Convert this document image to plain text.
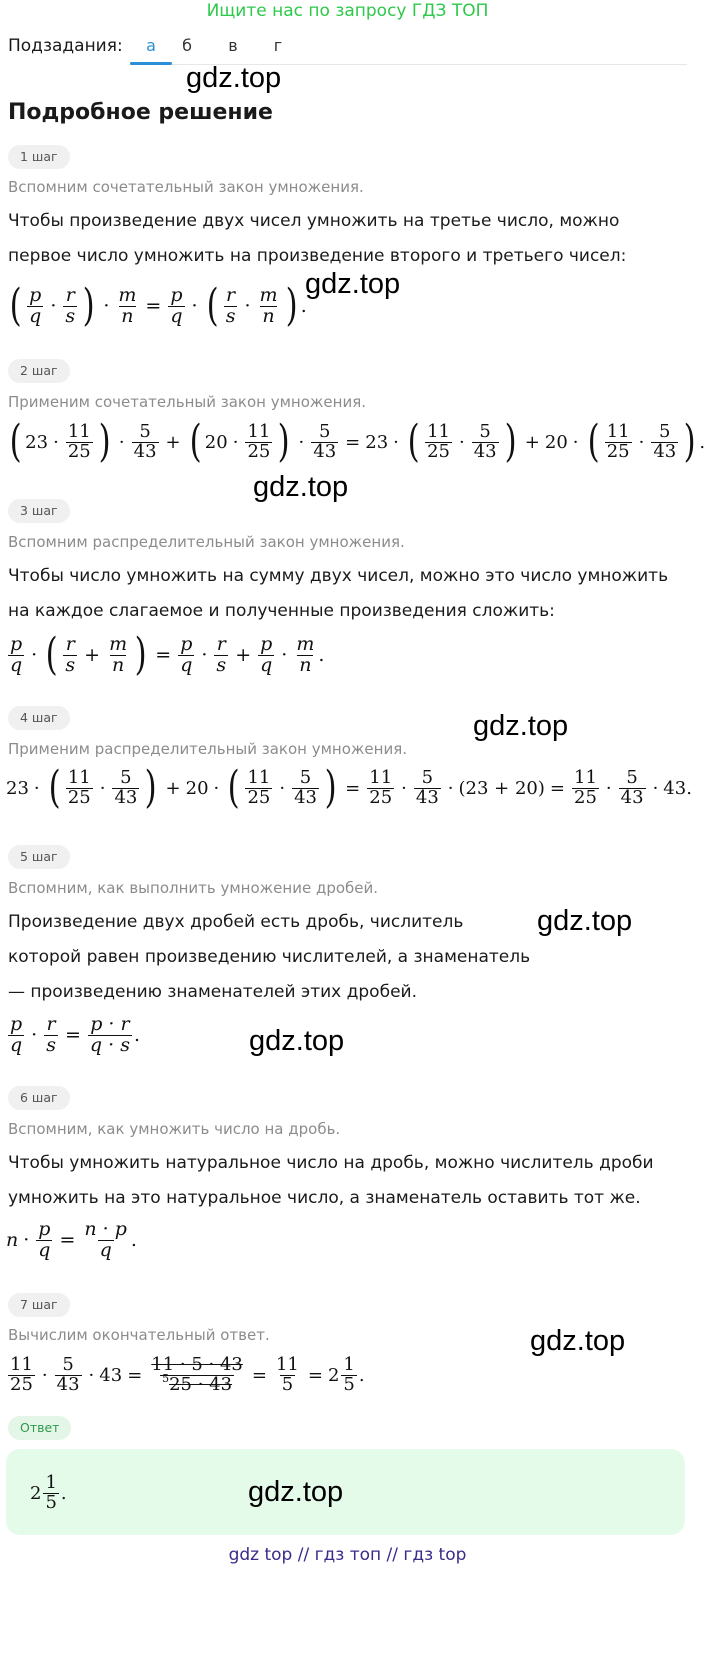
Ищите нас по запросу ГДЗ ТОП
Подзадания:	а	б	в	г
gdz.top
Подробное решение
1 шаг
Вспомним сочетательный закон умножения.
Чтобы произведение двух чисел умножить на третье число, можно первое число умножить на произведение второго и третьего чисел:
( $\frac{p}{q} \cdot \frac{r}{s}$ ) · $\frac{m}{n} = \frac{p}{q}$ · ( $\frac{r}{s} \cdot \frac{m}{n}$ ) .
gdz.top
2 шаг
Применим сочетательный закон умножения.
( $23 \cdot \frac{11}{25}$ ) · $\frac{5}{43}$ + ( $20 \cdot \frac{11}{25}$ ) · $\frac{5}{43} = 23$ · ( $\frac{11}{25} \cdot \frac{5}{43}$ ) + 20 · ( $\frac{11}{25} \cdot \frac{5}{43}$ ) .
gdz.top
3 шаг
Вспомним распределительный закон умножения.
Чтобы число умножить на сумму двух чисел, можно это число умножить на каждое слагаемое и полученные произведения сложить:
$\frac{p}{q}$ · ( $\frac{r}{s} + \frac{m}{n}$ ) = $\frac{p}{q} \cdot \frac{r}{s} + \frac{p}{q} \cdot \frac{m}{n}$ .
gdz.top
4 шаг
Применим распределительный закон умножения.
23 · ( $\frac{11}{25} \cdot \frac{5}{43}$ ) + 20 · ( $\frac{11}{25} \cdot \frac{5}{43}$ ) = $\frac{11}{25} \cdot \frac{5}{43} \cdot (23 + 20) = \frac{11}{25} \cdot \frac{5}{43} \cdot 43$ .
5 шаг
Вспомним, как выполнить умножение дробей.
Произведение двух дробей есть дробь, числитель которой равен произведению числителей, а знаменатель — произведению знаменателей этих дробей.
gdz.top
$\frac{p}{q} \cdot \frac{r}{s} = \frac{p \cdot r}{q \cdot s}$ .	gdz.top
6 шаг
Вспомним, как умножить число на дробь.
Чтобы умножить натуральное число на дробь, можно числитель дроби умножить на это натуральное число, а знаменатель оставить тот же.
$n \cdot \frac{p}{q} = \frac{n \cdot p}{q}$ .
7 шаг
Вычислим окончательный ответ.	gdz.top
$\frac{11}{25} \cdot \frac{5}{43} \cdot 43 = \frac{11 \cdot 5 \cdot 43}{^525 \cdot 43} = \frac{11}{5} = 2 \frac{1}{5}$ .
Ответ
$2 \frac{1}{5}$ .	gdz.top
gdz top // гдз топ // гдз top
